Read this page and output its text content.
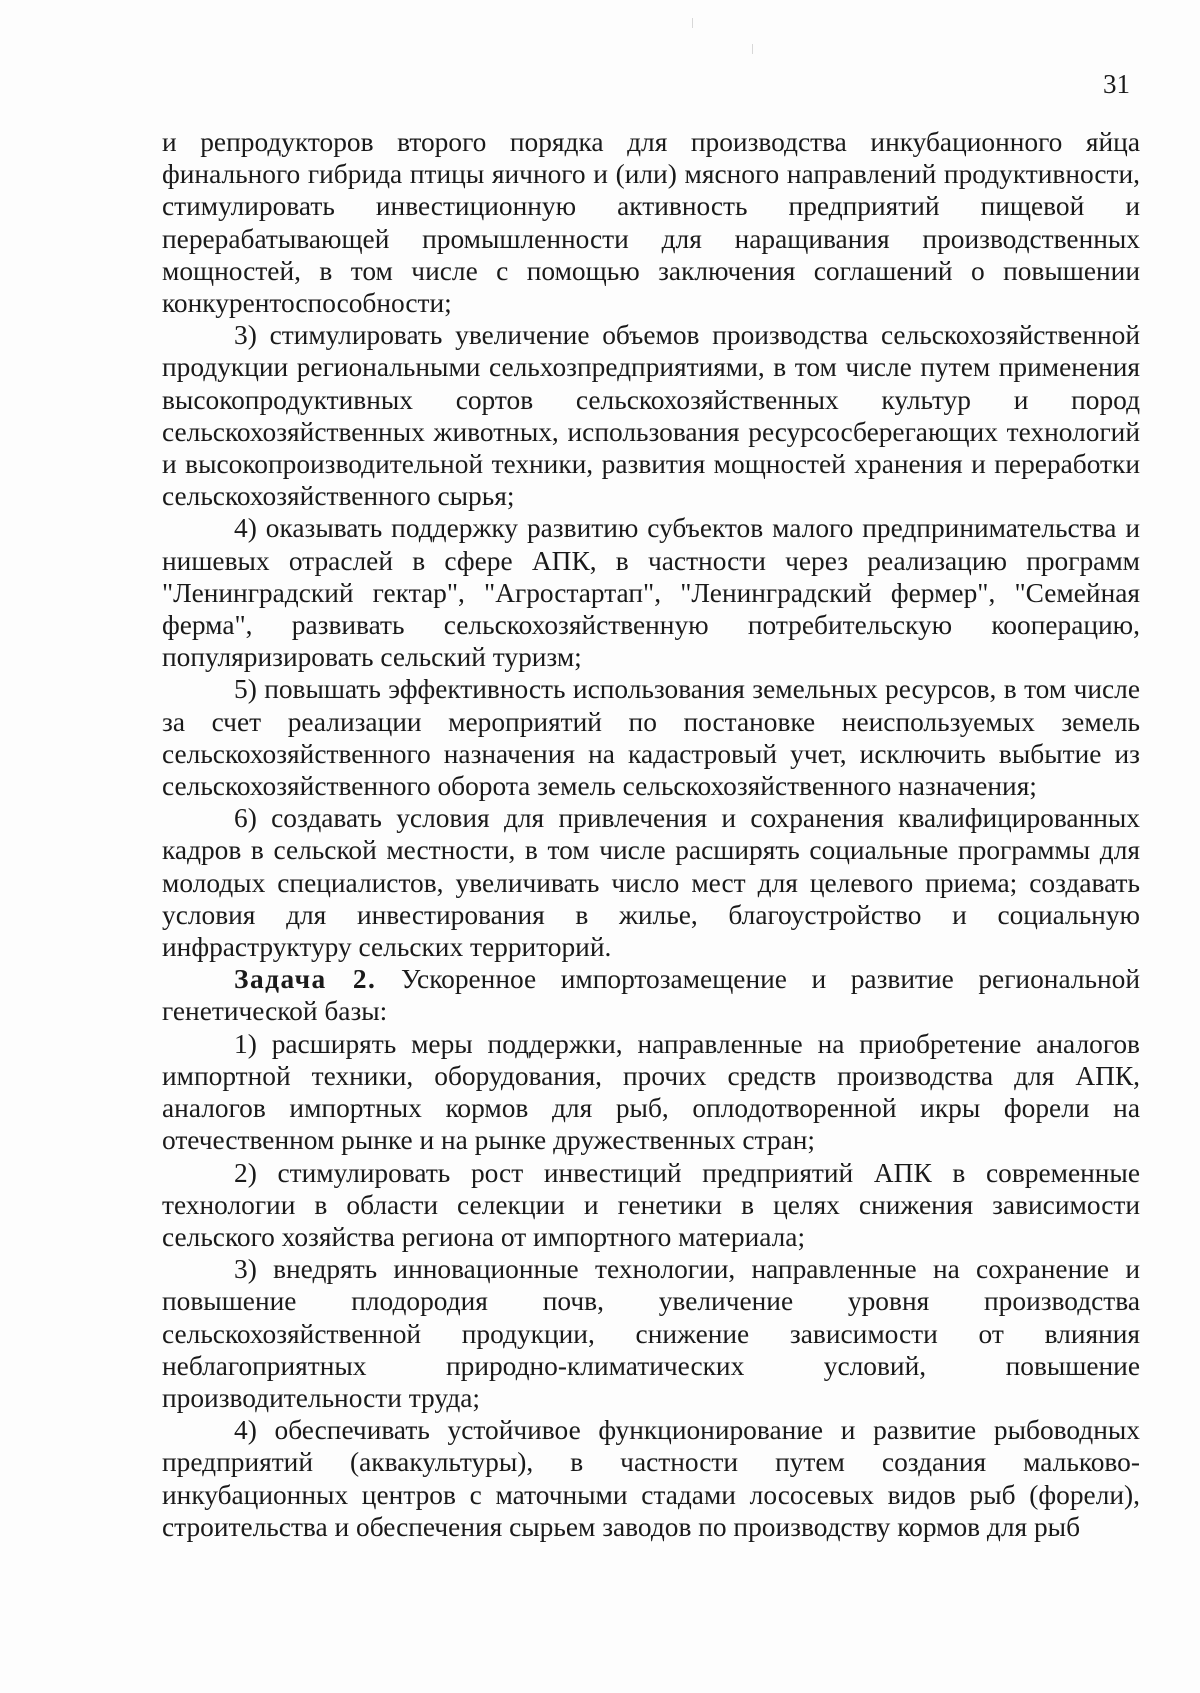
31

и репродукторов второго порядка для производства инкубационного яйца финального гибрида птицы яичного и (или) мясного направлений продуктивности, стимулировать инвестиционную активность предприятий пищевой и перерабатывающей промышленности для наращивания производственных мощностей, в том числе с помощью заключения соглашений о повышении конкурентоспособности;

3) стимулировать увеличение объемов производства сельскохозяйственной продукции региональными сельхозпредприятиями, в том числе путем применения высокопродуктивных сортов сельскохозяйственных культур и пород сельскохозяйственных животных, использования ресурсосберегающих технологий и высокопроизводительной техники, развития мощностей хранения и переработки сельскохозяйственного сырья;

4) оказывать поддержку развитию субъектов малого предпринимательства и нишевых отраслей в сфере АПК, в частности через реализацию программ "Ленинградский гектар", "Агростартап", "Ленинградский фермер", "Семейная ферма", развивать сельскохозяйственную потребительскую кооперацию, популяризировать сельский туризм;

5) повышать эффективность использования земельных ресурсов, в том числе за счет реализации мероприятий по постановке неиспользуемых земель сельскохозяйственного назначения на кадастровый учет, исключить выбытие из сельскохозяйственного оборота земель сельскохозяйственного назначения;

6) создавать условия для привлечения и сохранения квалифицированных кадров в сельской местности, в том числе расширять социальные программы для молодых специалистов, увеличивать число мест для целевого приема; создавать условия для инвестирования в жилье, благоустройство и социальную инфраструктуру сельских территорий.

Задача 2. Ускоренное импортозамещение и развитие региональной генетической базы:

1) расширять меры поддержки, направленные на приобретение аналогов импортной техники, оборудования, прочих средств производства для АПК, аналогов импортных кормов для рыб, оплодотворенной икры форели на отечественном рынке и на рынке дружественных стран;

2) стимулировать рост инвестиций предприятий АПК в современные технологии в области селекции и генетики в целях снижения зависимости сельского хозяйства региона от импортного материала;

3) внедрять инновационные технологии, направленные на сохранение и повышение плодородия почв, увеличение уровня производства сельскохозяйственной продукции, снижение зависимости от влияния неблагоприятных природно-климатических условий, повышение производительности труда;

4) обеспечивать устойчивое функционирование и развитие рыбоводных предприятий (аквакультуры), в частности путем создания мальково-инкубационных центров с маточными стадами лососевых видов рыб (форели), строительства и обеспечения сырьем заводов по производству кормов для рыб
